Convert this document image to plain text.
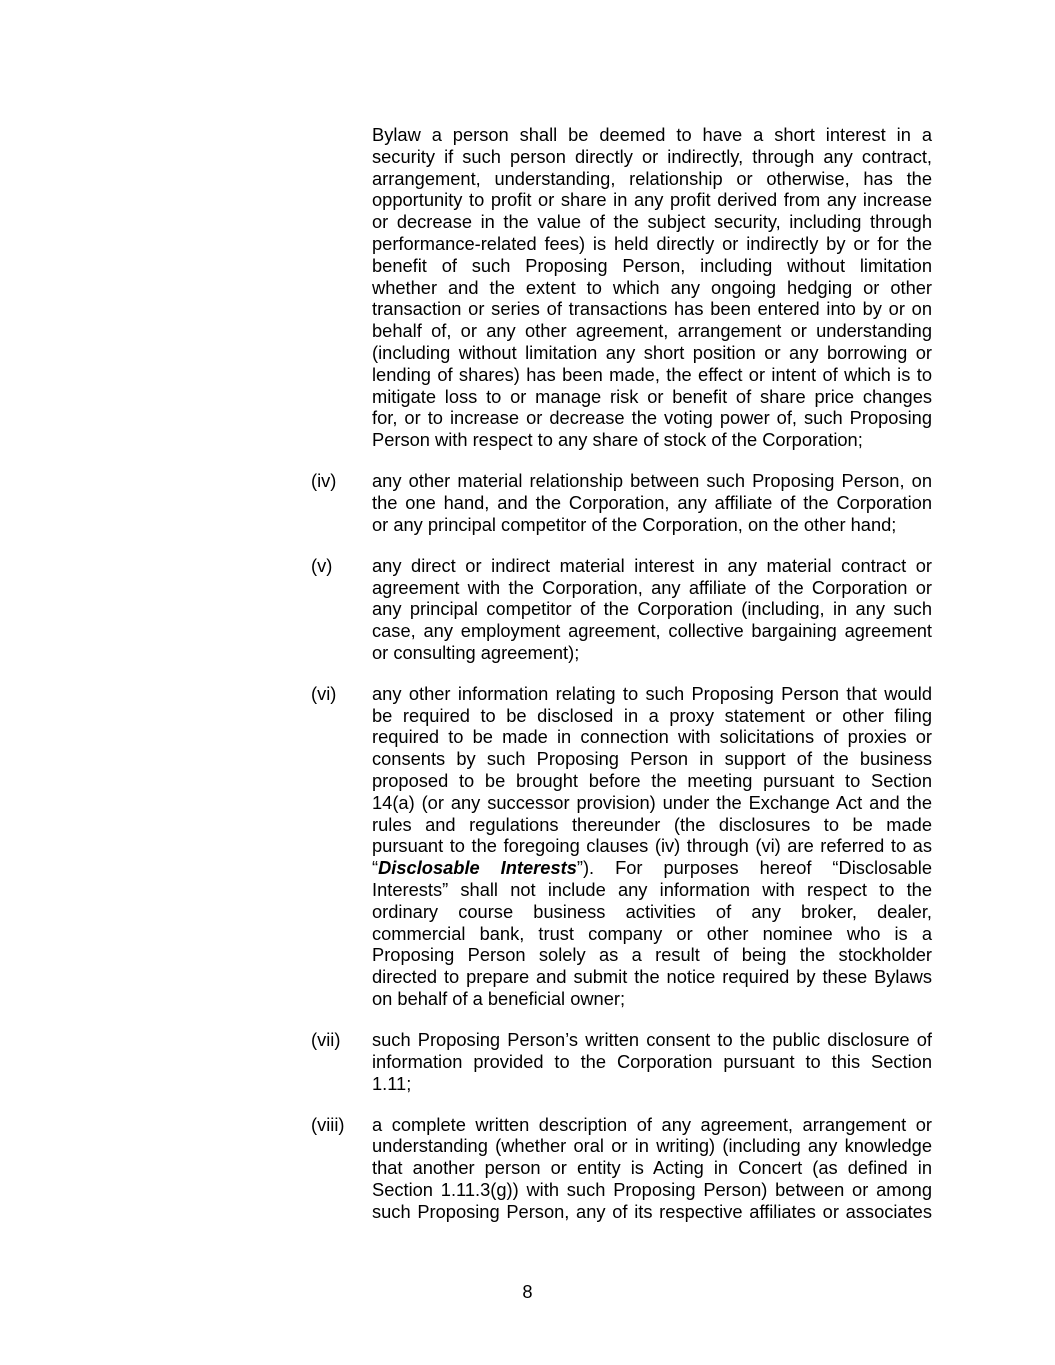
Bylaw a person shall be deemed to have a short interest in a
security if such person directly or indirectly, through any contract,
arrangement, understanding, relationship or otherwise, has the
opportunity to profit or share in any profit derived from any increase
or decrease in the value of the subject security, including through
performance-related fees) is held directly or indirectly by or for the
benefit of such Proposing Person, including without limitation
whether and the extent to which any ongoing hedging or other
transaction or series of transactions has been entered into by or on
behalf of, or any other agreement, arrangement or understanding
(including without limitation any short position or any borrowing or
lending of shares) has been made, the effect or intent of which is to
mitigate loss to or manage risk or benefit of share price changes
for, or to increase or decrease the voting power of, such Proposing
Person with respect to any share of stock of the Corporation;
(iv)	any other material relationship between such Proposing Person, on
the one hand, and the Corporation, any affiliate of the Corporation
or any principal competitor of the Corporation, on the other hand;
(v)	any direct or indirect material interest in any material contract or
agreement with the Corporation, any affiliate of the Corporation or
any principal competitor of the Corporation (including, in any such
case, any employment agreement, collective bargaining agreement
or consulting agreement);
(vi)	any other information relating to such Proposing Person that would
be required to be disclosed in a proxy statement or other filing
required to be made in connection with solicitations of proxies or
consents by such Proposing Person in support of the business
proposed to be brought before the meeting pursuant to Section
14(a) (or any successor provision) under the Exchange Act and the
rules and regulations thereunder (the disclosures to be made
pursuant to the foregoing clauses (iv) through (vi) are referred to as
“Disclosable Interests”). For purposes hereof “Disclosable
Interests” shall not include any information with respect to the
ordinary course business activities of any broker, dealer,
commercial bank, trust company or other nominee who is a
Proposing Person solely as a result of being the stockholder
directed to prepare and submit the notice required by these Bylaws
on behalf of a beneficial owner;
(vii)	such Proposing Person’s written consent to the public disclosure of
information provided to the Corporation pursuant to this Section
1.11;
(viii)	a complete written description of any agreement, arrangement or
understanding (whether oral or in writing) (including any knowledge
that another person or entity is Acting in Concert (as defined in
Section 1.11.3(g)) with such Proposing Person) between or among
such Proposing Person, any of its respective affiliates or associates
8
